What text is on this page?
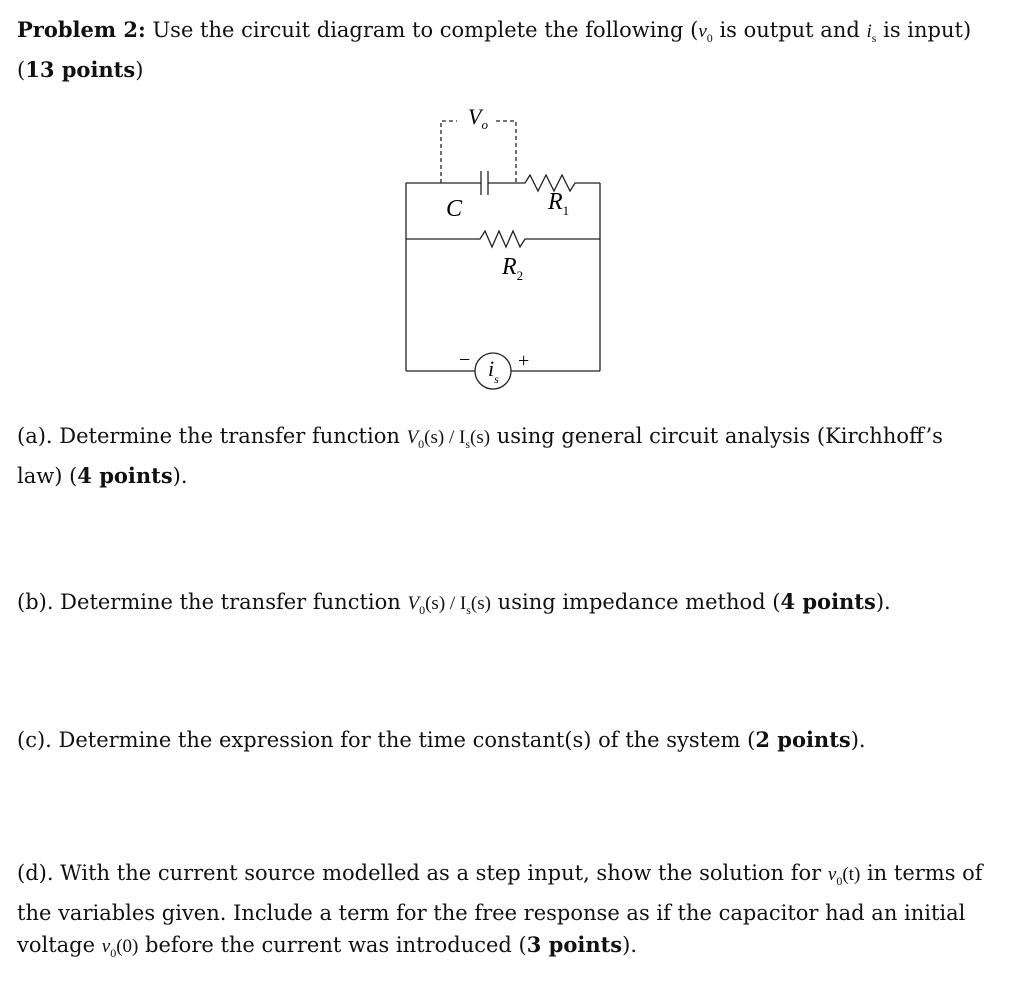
Problem 2: Use the circuit diagram to complete the following ($v_0$ is output and $i_s$ is input) (13 points)

$V_o$
C	$R_1$
$R_2$
$i_s$
− +

(a). Determine the transfer function $V_0(s) / I_s(s)$ using general circuit analysis (Kirchhoff’s law) (4 points).

(b). Determine the transfer function $V_0(s) / I_s(s)$ using impedance method (4 points).

(c). Determine the expression for the time constant(s) of the system (2 points).

(d). With the current source modelled as a step input, show the solution for $v_0(t)$ in terms of the variables given. Include a term for the free response as if the capacitor had an initial voltage $v_0(0)$ before the current was introduced (3 points).
